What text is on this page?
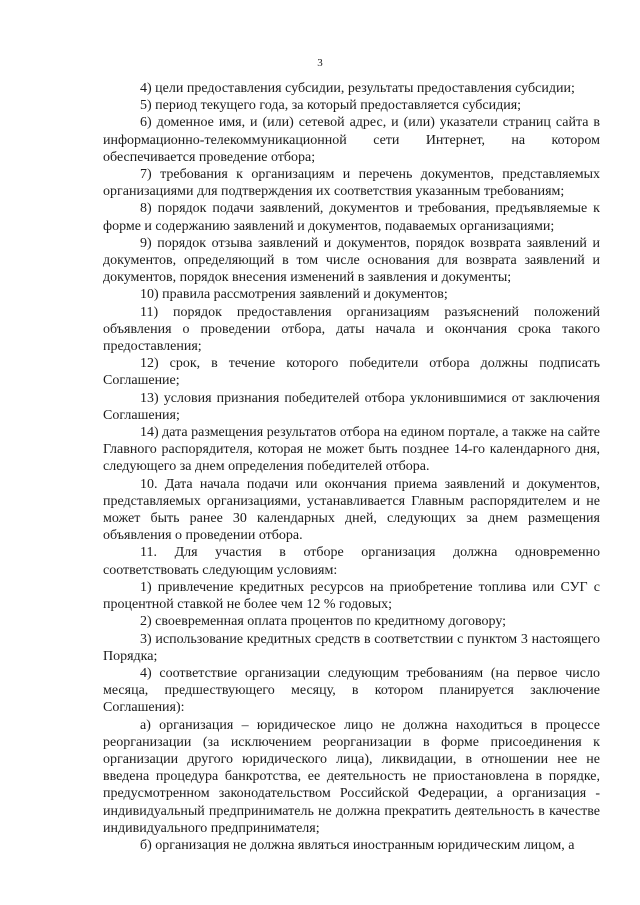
3

4) цели предоставления субсидии, результаты предоставления субсидии;

5) период текущего года, за который предоставляется субсидия;

6) доменное имя, и (или) сетевой адрес, и (или) указатели страниц сайта в информационно-телекоммуникационной сети Интернет, на котором обеспечивается проведение отбора;

7) требования к организациям и перечень документов, представляемых организациями для подтверждения их соответствия указанным требованиям;

8) порядок подачи заявлений, документов и требования, предъявляемые к форме и содержанию заявлений и документов, подаваемых организациями;

9) порядок отзыва заявлений и документов, порядок возврата заявлений и документов, определяющий в том числе основания для возврата заявлений и документов, порядок внесения изменений в заявления и документы;

10) правила рассмотрения заявлений и документов;

11) порядок предоставления организациям разъяснений положений объявления о проведении отбора, даты начала и окончания срока такого предоставления;

12) срок, в течение которого победители отбора должны подписать Соглашение;

13) условия признания победителей отбора уклонившимися от заключения Соглашения;

14) дата размещения результатов отбора на едином портале, а также на сайте Главного распорядителя, которая не может быть позднее 14-го календарного дня, следующего за днем определения победителей отбора.

10. Дата начала подачи или окончания приема заявлений и документов, представляемых организациями, устанавливается Главным распорядителем и не может быть ранее 30 календарных дней, следующих за днем размещения объявления о проведении отбора.

11. Для участия в отборе организация должна одновременно соответствовать следующим условиям:

1) привлечение кредитных ресурсов на приобретение топлива или СУГ с процентной ставкой не более чем 12 % годовых;

2) своевременная оплата процентов по кредитному договору;

3) использование кредитных средств в соответствии с пунктом 3 настоящего Порядка;

4) соответствие организации следующим требованиям (на первое число месяца, предшествующего месяцу, в котором планируется заключение Соглашения):

а) организация – юридическое лицо не должна находиться в процессе реорганизации (за исключением реорганизации в форме присоединения к организации другого юридического лица), ликвидации, в отношении нее не введена процедура банкротства, ее деятельность не приостановлена в порядке, предусмотренном законодательством Российской Федерации, а организация - индивидуальный предприниматель не должна прекратить деятельность в качестве индивидуального предпринимателя;

б) организация не должна являться иностранным юридическим лицом, а
